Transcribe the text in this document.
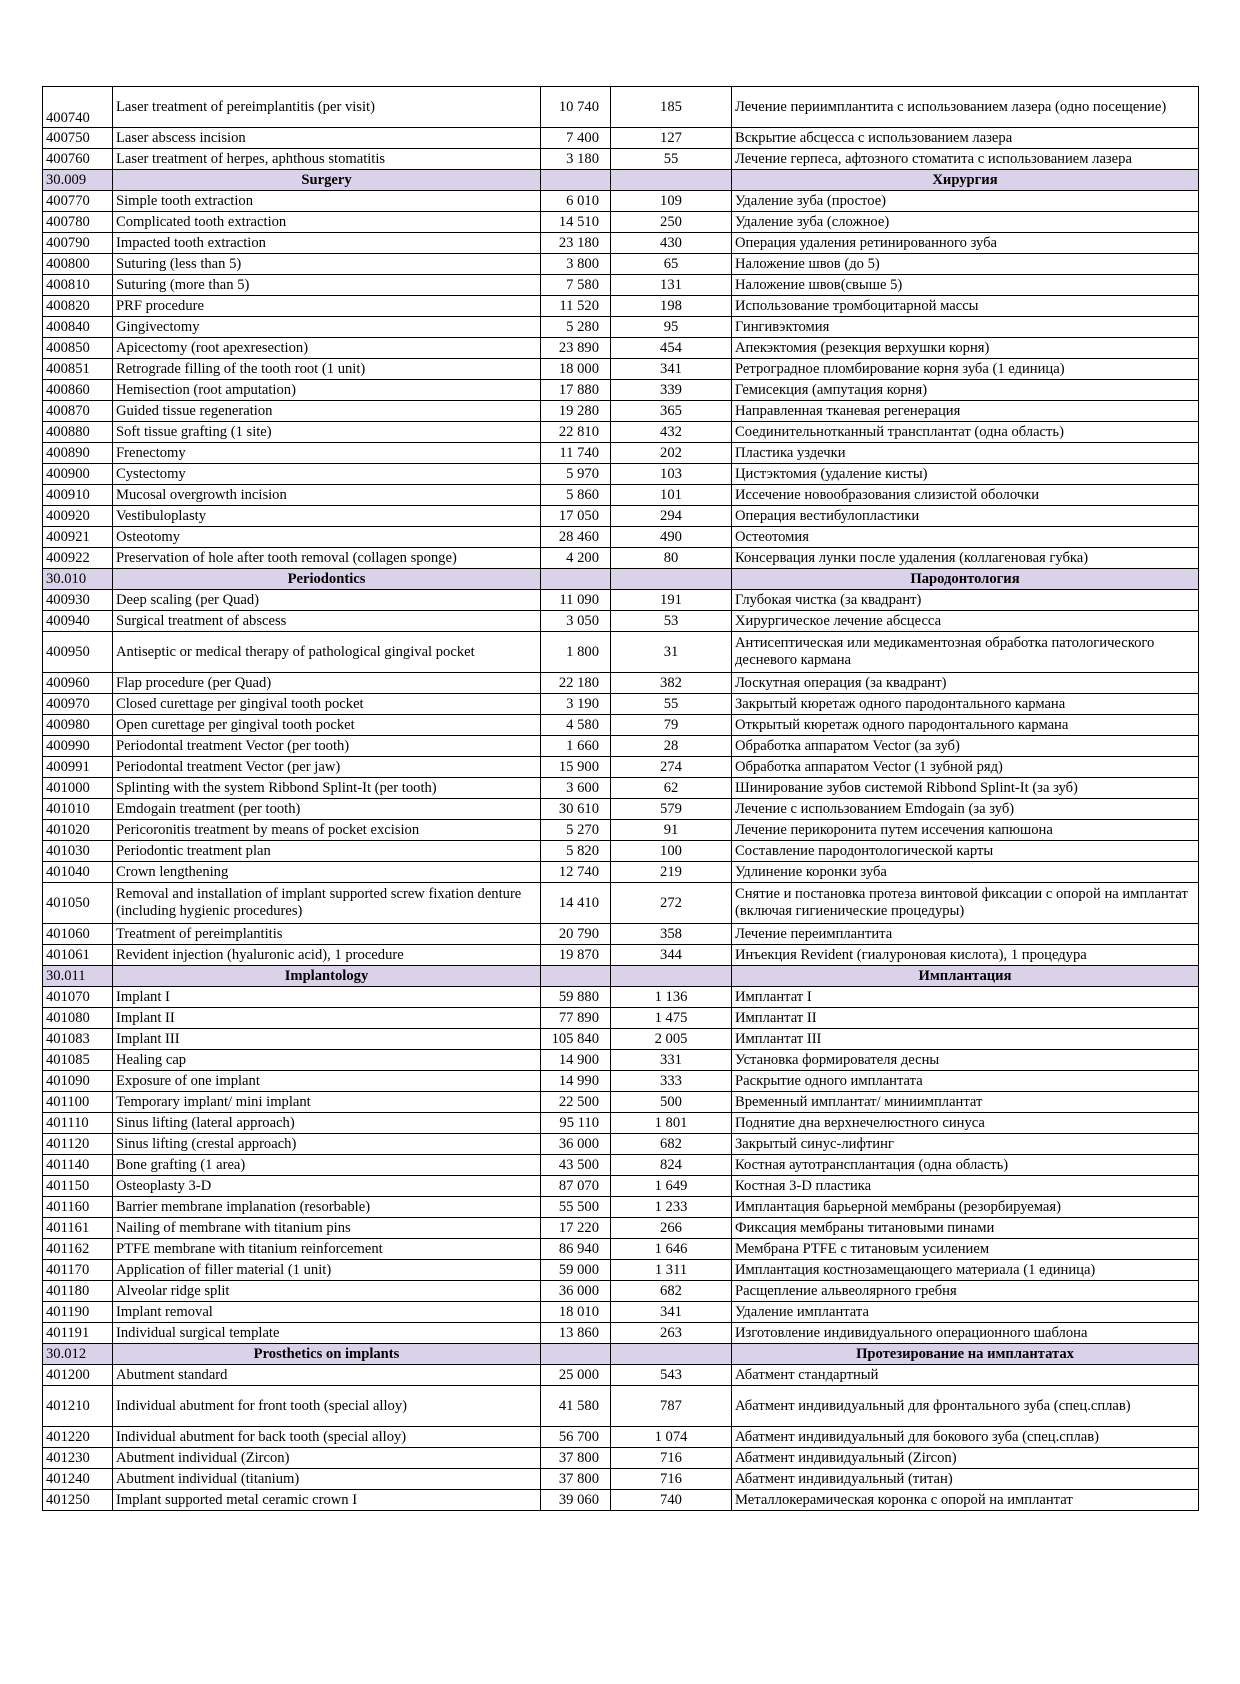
400740	Laser treatment of pereimplantitis (per visit)	10 740	185	Лечение периимплантита с использованием лазера (одно посещение)
400750	Laser abscess incision	7 400	127	Вскрытие абсцесса с использованием лазера
400760	Laser treatment of herpes, aphthous stomatitis	3 180	55	Лечение герпеса, афтозного стоматита с использованием лазера
30.009	Surgery			Хирургия
400770	Simple tooth extraction	6 010	109	Удаление зуба (простое)
400780	Complicated tooth extraction	14 510	250	Удаление зуба (сложное)
400790	Impacted tooth extraction	23 180	430	Операция удаления ретинированного зуба
400800	Suturing (less than 5)	3 800	65	Наложение швов (до 5)
400810	Suturing (more than 5)	7 580	131	Наложение швов(свыше 5)
400820	PRF procedure	11 520	198	Использование тромбоцитарной массы
400840	Gingivectomy	5 280	95	Гингивэктомия
400850	Apicectomy (root apexresection)	23 890	454	Апекэктомия (резекция верхушки корня)
400851	Retrograde filling of the tooth root (1 unit)	18 000	341	Ретроградное пломбирование корня зуба (1 единица)
400860	Hemisection (root amputation)	17 880	339	Гемисекция (ампутация корня)
400870	Guided tissue regeneration	19 280	365	Направленная тканевая регенерация
400880	Soft tissue grafting (1 site)	22 810	432	Соединительнотканный трансплантат (одна область)
400890	Frenectomy	11 740	202	Пластика уздечки
400900	Cystectomy	5 970	103	Цистэктомия (удаление кисты)
400910	Mucosal overgrowth incision	5 860	101	Иссечение новообразования слизистой оболочки
400920	Vestibuloplasty	17 050	294	Операция вестибулопластики
400921	Osteotomy	28 460	490	Остеотомия
400922	Preservation of hole after tooth removal (collagen sponge)	4 200	80	Консервация лунки после удаления (коллагеновая губка)
30.010	Periodontics			Пародонтология
400930	Deep scaling (per Quad)	11 090	191	Глубокая чистка (за квадрант)
400940	Surgical treatment of abscess	3 050	53	Хирургическое лечение абсцесса
400950	Antiseptic or medical therapy of pathological gingival pocket	1 800	31	Антисептическая или медикаментозная обработка патологического десневого кармана
400960	Flap procedure (per Quad)	22 180	382	Лоскутная операция (за квадрант)
400970	Closed curettage per gingival tooth pocket	3 190	55	Закрытый кюретаж одного пародонтального кармана
400980	Open curettage per gingival tooth pocket	4 580	79	Открытый кюретаж одного пародонтального кармана
400990	Periodontal treatment Vector (per tooth)	1 660	28	Обработка аппаратом Vector (за зуб)
400991	Periodontal treatment Vector (per jaw)	15 900	274	Обработка аппаратом Vector (1 зубной ряд)
401000	Splinting with the system Ribbond Splint-It (per tooth)	3 600	62	Шинирование зубов системой Ribbond Splint-It (за зуб)
401010	Emdogain treatment (per tooth)	30 610	579	Лечение с использованием Emdogain (за зуб)
401020	Pericoronitis treatment by means of pocket excision	5 270	91	Лечение перикоронита путем иссечения капюшона
401030	Periodontic treatment plan	5 820	100	Составление пародонтологической карты
401040	Crown lengthening	12 740	219	Удлинение коронки зуба
401050	Removal and installation of implant supported screw fixation denture (including hygienic procedures)	14 410	272	Снятие и постановка протеза винтовой фиксации с опорой на имплантат (включая гигиенические процедуры)
401060	Treatment of pereimplantitis	20 790	358	Лечение переимплантита
401061	Revident injection (hyaluronic acid), 1 procedure	19 870	344	Инъекция Revident (гиалуроновая кислота), 1 процедура
30.011	Implantology			Имплантация
401070	Implant I	59 880	1 136	Имплантат I
401080	Implant II	77 890	1 475	Имплантат II
401083	Implant III	105 840	2 005	Имплантат III
401085	Healing cap	14 900	331	Установка формирователя десны
401090	Exposure of one implant	14 990	333	Раскрытие одного имплантата
401100	Temporary implant/ mini implant	22 500	500	Временный имплантат/ миниимплантат
401110	Sinus lifting (lateral approach)	95 110	1 801	Поднятие дна верхнечелюстного синуса
401120	Sinus lifting (crestal approach)	36 000	682	Закрытый синус-лифтинг
401140	Bone grafting (1 area)	43 500	824	Костная аутотрансплантация (одна область)
401150	Osteoplasty 3-D	87 070	1 649	Костная 3-D пластика
401160	Barrier membrane implanation (resorbable)	55 500	1 233	Имплантация барьерной мембраны (резорбируемая)
401161	Nailing of membrane with titanium pins	17 220	266	Фиксация мембраны титановыми пинами
401162	PTFE membrane with titanium reinforcement	86 940	1 646	Мембрана PTFE с титановым усилением
401170	Application of filler material (1 unit)	59 000	1 311	Имплантация костнозамещающего материала (1 единица)
401180	Alveolar ridge split	36 000	682	Расщепление альвеолярного гребня
401190	Implant removal	18 010	341	Удаление имплантата
401191	Individual surgical template	13 860	263	Изготовление индивидуального операционного шаблона
30.012	Prosthetics on implants			Протезирование на имплантатах
401200	Abutment standard	25 000	543	Абатмент стандартный
401210	Individual abutment for front tooth (special alloy)	41 580	787	Абатмент индивидуальный для фронтального зуба (спец.сплав)
401220	Individual abutment for back tooth (special alloy)	56 700	1 074	Абатмент индивидуальный для бокового зуба (спец.сплав)
401230	Abutment individual (Zircon)	37 800	716	Абатмент индивидуальный (Zircon)
401240	Abutment individual (titanium)	37 800	716	Абатмент индивидуальный (титан)
401250	Implant supported metal ceramic crown I	39 060	740	Металлокерамическая коронка с опорой на имплантат
